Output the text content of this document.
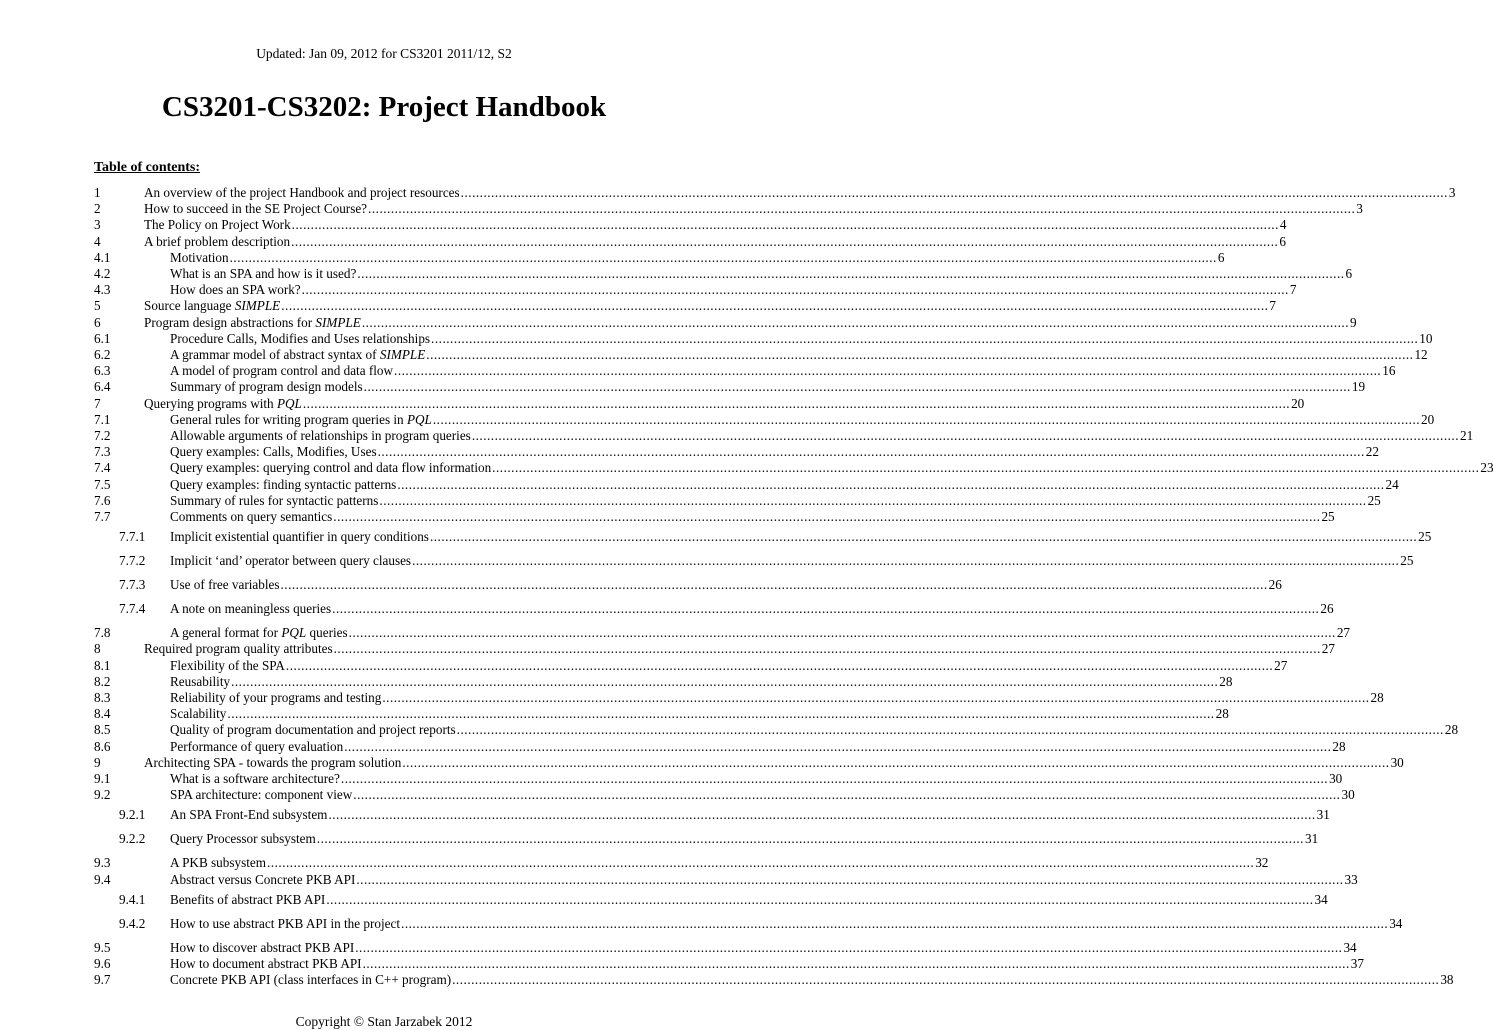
Updated: Jan 09, 2012 for CS3201 2011/12, S2
CS3201-CS3202: Project Handbook
Table of contents:
1	An overview of the project Handbook and project resources .................................................................................................................................................................................................................................................................... 3
2	How to succeed in the SE Project Course? .................................................................................................................................................................................................................................................................... 3
3	The Policy on Project Work .................................................................................................................................................................................................................................................................... 4
4	A brief problem description .................................................................................................................................................................................................................................................................... 6
4.1	Motivation .................................................................................................................................................................................................................................................................... 6
4.2	What is an SPA and how is it used? .................................................................................................................................................................................................................................................................... 6
4.3	How does an SPA work? .................................................................................................................................................................................................................................................................... 7
5	Source language SIMPLE .................................................................................................................................................................................................................................................................... 7
6	Program design abstractions for SIMPLE .................................................................................................................................................................................................................................................................... 9
6.1	Procedure Calls, Modifies and Uses relationships .................................................................................................................................................................................................................................................................... 10
6.2	A grammar model of abstract syntax of SIMPLE .................................................................................................................................................................................................................................................................... 12
6.3	A model of program control and data flow .................................................................................................................................................................................................................................................................... 16
6.4	Summary of program design models .................................................................................................................................................................................................................................................................... 19
7	Querying programs with PQL .................................................................................................................................................................................................................................................................... 20
7.1	General rules for writing program queries in PQL .................................................................................................................................................................................................................................................................... 20
7.2	Allowable arguments of relationships in program queries .................................................................................................................................................................................................................................................................... 21
7.3	Query examples: Calls, Modifies, Uses .................................................................................................................................................................................................................................................................... 22
7.4	Query examples: querying control and data flow information .................................................................................................................................................................................................................................................................... 23
7.5	Query examples: finding syntactic patterns .................................................................................................................................................................................................................................................................... 24
7.6	Summary of rules for syntactic patterns .................................................................................................................................................................................................................................................................... 25
7.7	Comments on query semantics .................................................................................................................................................................................................................................................................... 25
7.7.1 Implicit existential quantifier in query conditions .................................................................................................................................................................................................................................................................... 25
7.7.2 Implicit ‘and’ operator between query clauses .................................................................................................................................................................................................................................................................... 25
7.7.3 Use of free variables .................................................................................................................................................................................................................................................................... 26
7.7.4 A note on meaningless queries .................................................................................................................................................................................................................................................................... 26
7.8	A general format for PQL queries .................................................................................................................................................................................................................................................................... 27
8	Required program quality attributes .................................................................................................................................................................................................................................................................... 27
8.1	Flexibility of the SPA .................................................................................................................................................................................................................................................................... 27
8.2	Reusability .................................................................................................................................................................................................................................................................... 28
8.3	Reliability of your programs and testing .................................................................................................................................................................................................................................................................... 28
8.4	Scalability .................................................................................................................................................................................................................................................................... 28
8.5	Quality of program documentation and project reports .................................................................................................................................................................................................................................................................... 28
8.6	Performance of query evaluation .................................................................................................................................................................................................................................................................... 28
9	Architecting SPA - towards the program solution .................................................................................................................................................................................................................................................................... 30
9.1	What is a software architecture? .................................................................................................................................................................................................................................................................... 30
9.2	SPA architecture: component view .................................................................................................................................................................................................................................................................... 30
9.2.1 An SPA Front-End subsystem .................................................................................................................................................................................................................................................................... 31
9.2.2 Query Processor subsystem .................................................................................................................................................................................................................................................................... 31
9.3	A PKB subsystem .................................................................................................................................................................................................................................................................... 32
9.4	Abstract versus Concrete PKB API .................................................................................................................................................................................................................................................................... 33
9.4.1 Benefits of abstract PKB API .................................................................................................................................................................................................................................................................... 34
9.4.2 How to use abstract PKB API in the project .................................................................................................................................................................................................................................................................... 34
9.5	How to discover abstract PKB API .................................................................................................................................................................................................................................................................... 34
9.6	How to document abstract PKB API .................................................................................................................................................................................................................................................................... 37
9.7	Concrete PKB API (class interfaces in C++ program) .................................................................................................................................................................................................................................................................... 38
Copyright © Stan Jarzabek 2012
